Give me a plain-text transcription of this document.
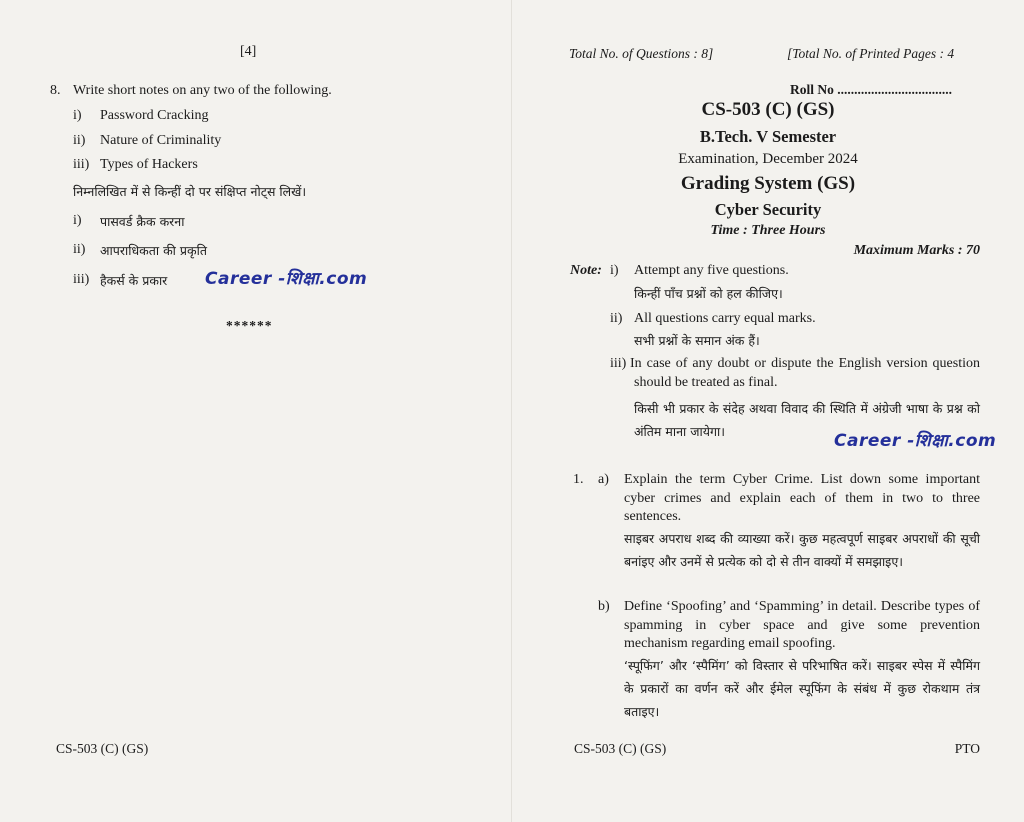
[4]
8. Write short notes on any two of the following.
i) Password Cracking
ii) Nature of Criminality
iii) Types of Hackers
निम्नलिखित में से किन्हीं दो पर संक्षिप्त नोट्स लिखें।
i) पासवर्ड क्रैक करना
ii) आपराधिकता की प्रकृति
iii) हैकर्स के प्रकार Career -शिक्षा.com
******
CS-503 (C) (GS)
Total No. of Questions : 8]	[Total No. of Printed Pages : 4
Roll No ..................................
CS-503 (C) (GS)
B.Tech. V Semester
Examination, December 2024
Grading System (GS)
Cyber Security
Time : Three Hours
Maximum Marks : 70
Note: i) Attempt any five questions.
किन्हीं पाँच प्रश्नों को हल कीजिए।
ii) All questions carry equal marks.
सभी प्रश्नों के समान अंक हैं।
iii) In case of any doubt or dispute the English version question should be treated as final.
किसी भी प्रकार के संदेह अथवा विवाद की स्थिति में अंग्रेजी भाषा के प्रश्न को अंतिम माना जायेगा।	Career -शिक्षा.com
1. a) Explain the term Cyber Crime. List down some important cyber crimes and explain each of them in two to three sentences.
साइबर अपराध शब्द की व्याख्या करें। कुछ महत्वपूर्ण साइबर अपराधों की सूची बनांइए और उनमें से प्रत्येक को दो से तीन वाक्यों में समझाइए।
b) Define ‘Spoofing’ and ‘Spamming’ in detail. Describe types of spamming in cyber space and give some prevention mechanism regarding email spoofing.
‘स्पूफिंग’ और ‘स्पैमिंग’ को विस्तार से परिभाषित करें। साइबर स्पेस में स्पैमिंग के प्रकारों का वर्णन करें और ईमेल स्पूफिंग के संबंध में कुछ रोकथाम तंत्र बताइए।
CS-503 (C) (GS)	PTO
